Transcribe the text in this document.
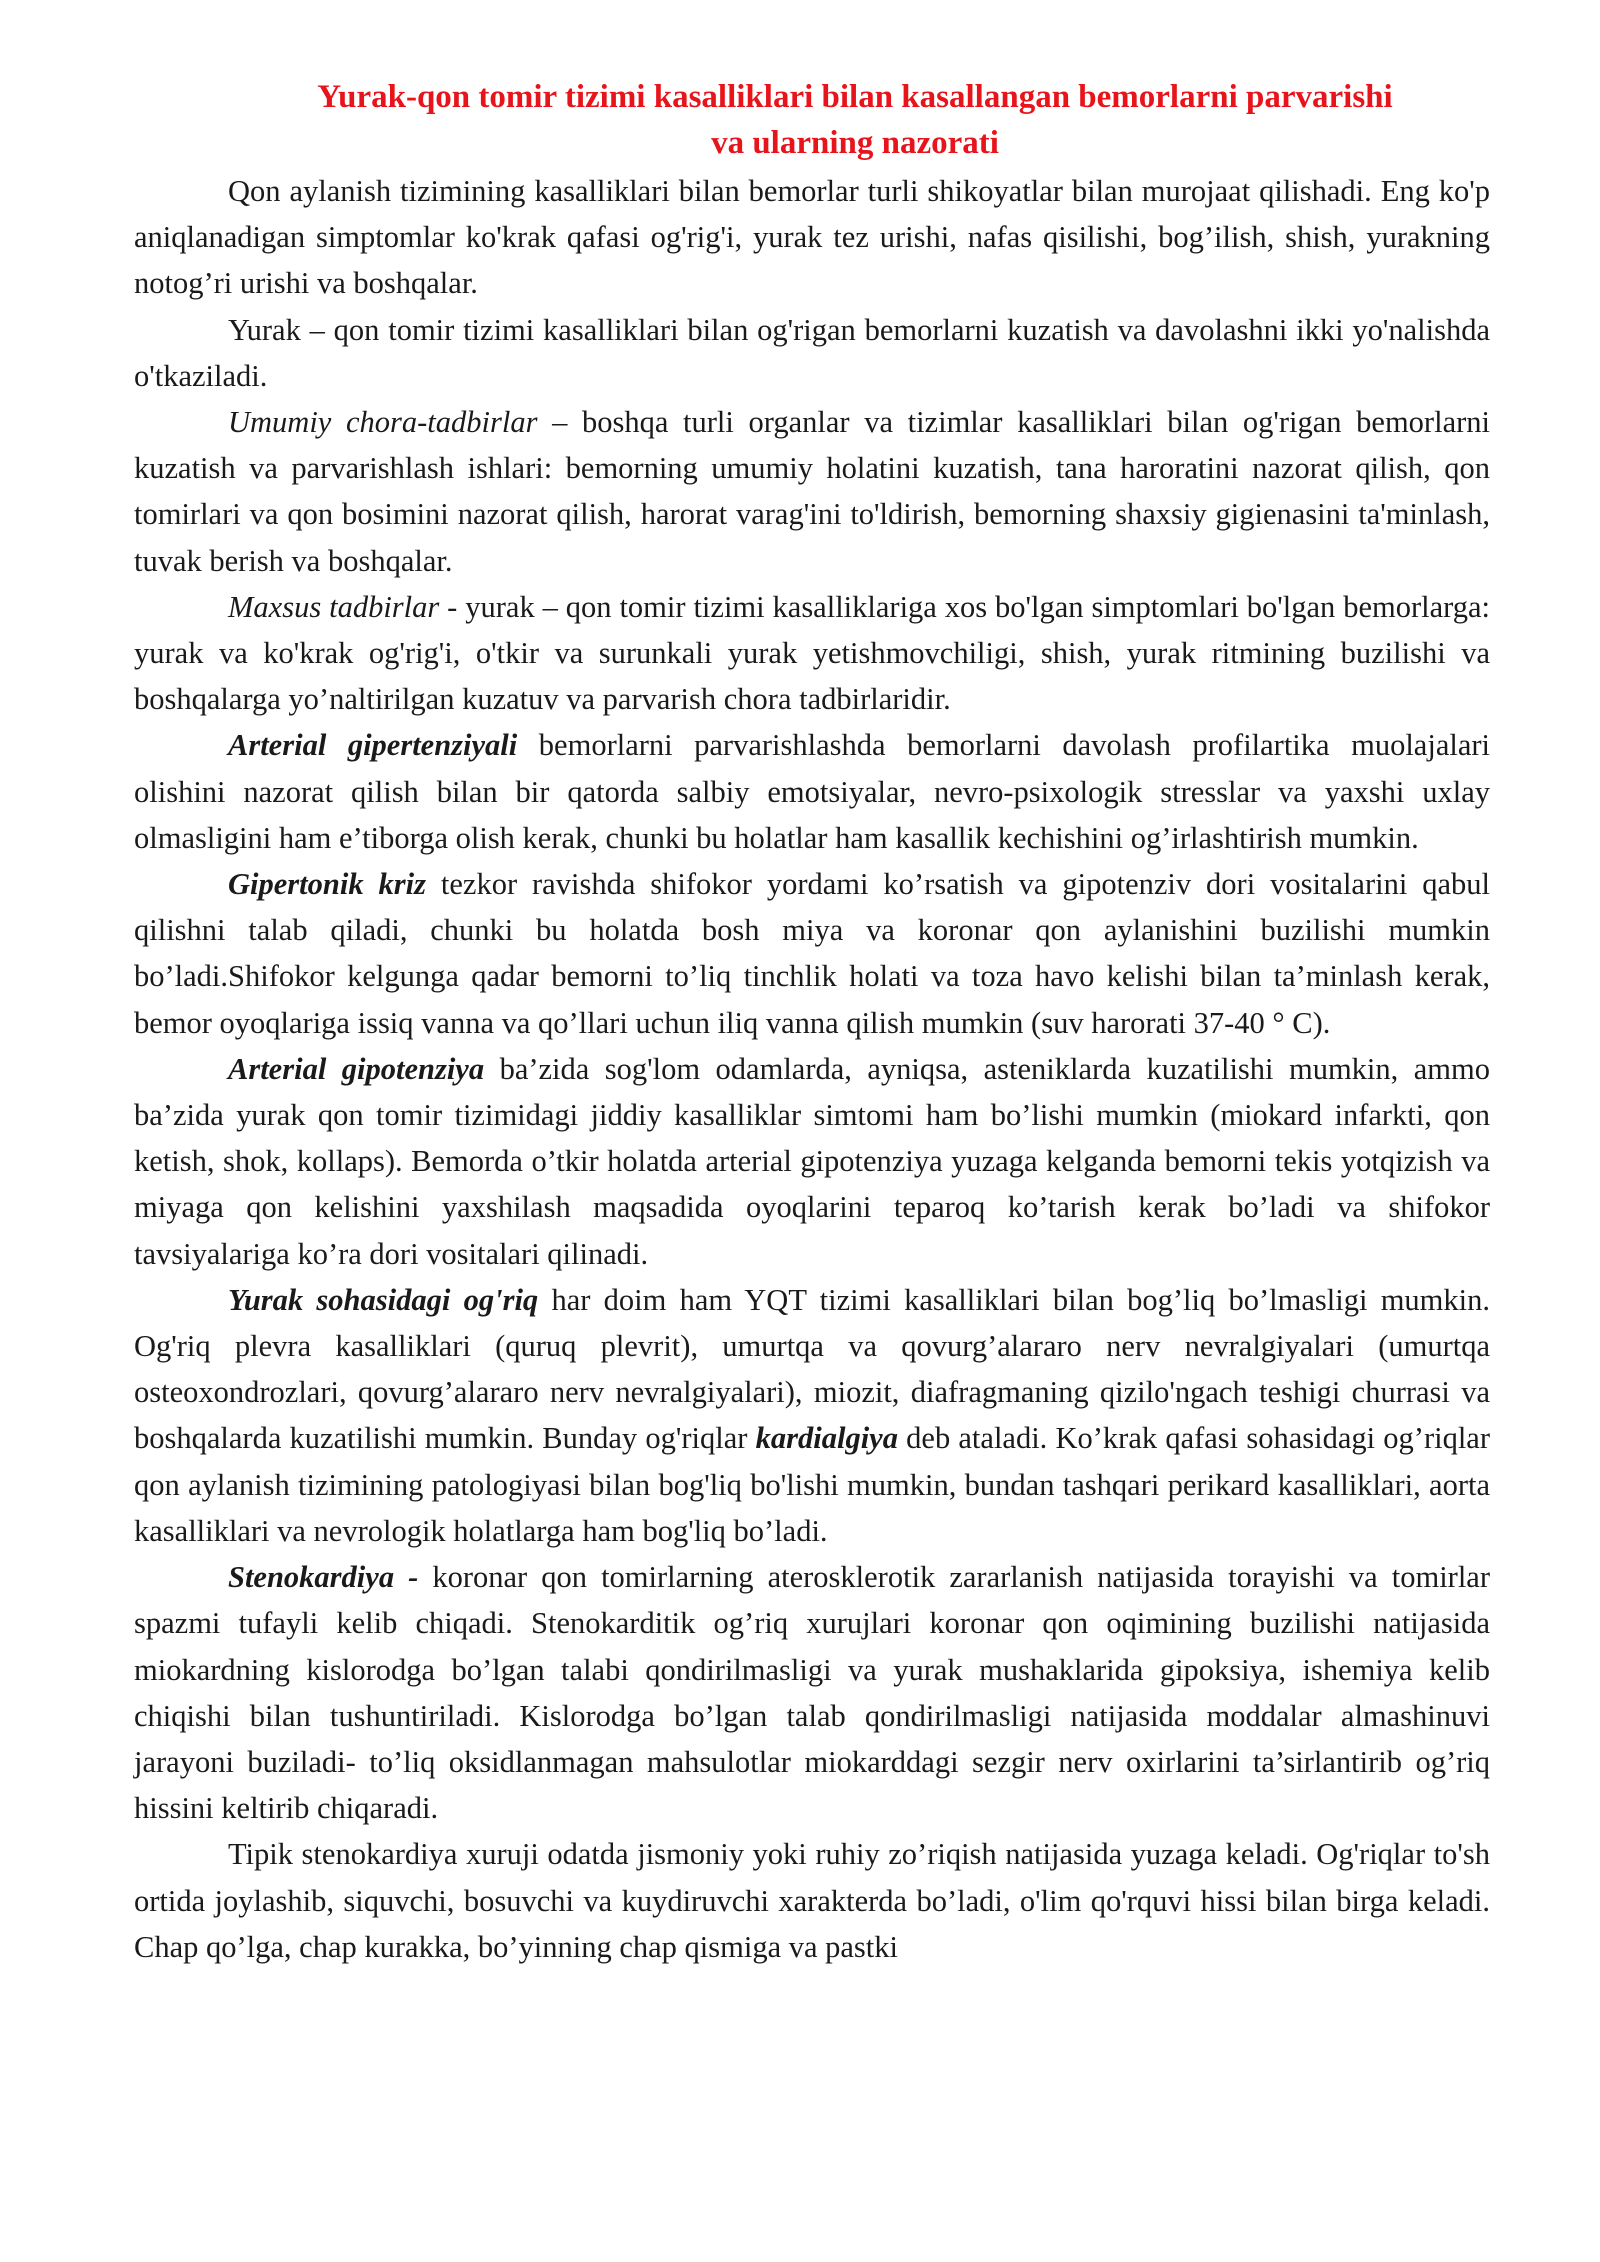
Yurak-qon tomir tizimi kasalliklari bilan kasallangan bemorlarni parvarishi
va ularning nazorati

Qon aylanish tizimining kasalliklari bilan bemorlar turli shikoyatlar bilan murojaat qilishadi. Eng ko'p aniqlanadigan simptomlar ko'krak qafasi og'rig'i, yurak tez urishi, nafas qisilishi, bog’ilish, shish, yurakning notog’ri urishi va boshqalar.

Yurak – qon tomir tizimi kasalliklari bilan og'rigan bemorlarni kuzatish va davolashni ikki yo'nalishda o'tkaziladi.

Umumiy chora-tadbirlar – boshqa turli organlar va tizimlar kasalliklari bilan og'rigan bemorlarni kuzatish va parvarishlash ishlari: bemorning umumiy holatini kuzatish, tana haroratini nazorat qilish, qon tomirlari va qon bosimini nazorat qilish, harorat varag'ini to'ldirish, bemorning shaxsiy gigienasini ta'minlash, tuvak berish va boshqalar.

Maxsus tadbirlar - yurak – qon tomir tizimi kasalliklariga xos bo'lgan simptomlari bo'lgan bemorlarga: yurak va ko'krak og'rig'i, o'tkir va surunkali yurak yetishmovchiligi, shish, yurak ritmining buzilishi va boshqalarga yo’naltirilgan kuzatuv va parvarish chora tadbirlaridir.

Arterial gipertenziyali bemorlarni parvarishlashda bemorlarni davolash profilartika muolajalari olishini nazorat qilish bilan bir qatorda salbiy emotsiyalar, nevro-psixologik stresslar va yaxshi uxlay olmasligini ham e’tiborga olish kerak, chunki bu holatlar ham kasallik kechishini og’irlashtirish mumkin.

Gipertonik kriz tezkor ravishda shifokor yordami ko’rsatish va gipotenziv dori vositalarini qabul qilishni talab qiladi, chunki bu holatda bosh miya va koronar qon aylanishini buzilishi mumkin bo’ladi.Shifokor kelgunga qadar bemorni to’liq tinchlik holati va toza havo kelishi bilan ta’minlash kerak, bemor oyoqlariga issiq vanna va qo’llari uchun iliq vanna qilish mumkin (suv harorati 37-40 ° C).

Arterial gipotenziya ba’zida sog'lom odamlarda, ayniqsa, asteniklarda kuzatilishi mumkin, ammo ba’zida yurak qon tomir tizimidagi jiddiy kasalliklar simtomi ham bo’lishi mumkin (miokard infarkti, qon ketish, shok, kollaps). Bemorda o’tkir holatda arterial gipotenziya yuzaga kelganda bemorni tekis yotqizish va miyaga qon kelishini yaxshilash maqsadida oyoqlarini teparoq ko’tarish kerak bo’ladi va shifokor tavsiyalariga ko’ra dori vositalari qilinadi.

Yurak sohasidagi og'riq har doim ham YQT tizimi kasalliklari bilan bog’liq bo’lmasligi mumkin. Og'riq plevra kasalliklari (quruq plevrit), umurtqa va qovurg’alararo nerv nevralgiyalari (umurtqa osteoxondrozlari, qovurg’alararo nerv nevralgiyalari), miozit, diafragmaning qizilo'ngach teshigi churrasi va boshqalarda kuzatilishi mumkin. Bunday og'riqlar kardialgiya deb ataladi. Ko’krak qafasi sohasidagi og’riqlar qon aylanish tizimining patologiyasi bilan bog'liq bo'lishi mumkin, bundan tashqari perikard kasalliklari, aorta kasalliklari va nevrologik holatlarga ham bog'liq bo’ladi.

Stenokardiya - koronar qon tomirlarning aterosklerotik zararlanish natijasida torayishi va tomirlar spazmi tufayli kelib chiqadi. Stenokarditik og’riq xurujlari koronar qon oqimining buzilishi natijasida miokardning kislorodga bo’lgan talabi qondirilmasligi va yurak mushaklarida gipoksiya, ishemiya kelib chiqishi bilan tushuntiriladi. Kislorodga bo’lgan talab qondirilmasligi natijasida moddalar almashinuvi jarayoni buziladi- to’liq oksidlanmagan mahsulotlar miokarddagi sezgir nerv oxirlarini ta’sirlantirib og’riq hissini keltirib chiqaradi.

Tipik stenokardiya xuruji odatda jismoniy yoki ruhiy zo’riqish natijasida yuzaga keladi. Og'riqlar to'sh ortida joylashib, siquvchi, bosuvchi va kuydiruvchi xarakterda bo’ladi, o'lim qo'rquvi hissi bilan birga keladi. Chap qo’lga, chap kurakka, bo’yinning chap qismiga va pastki
